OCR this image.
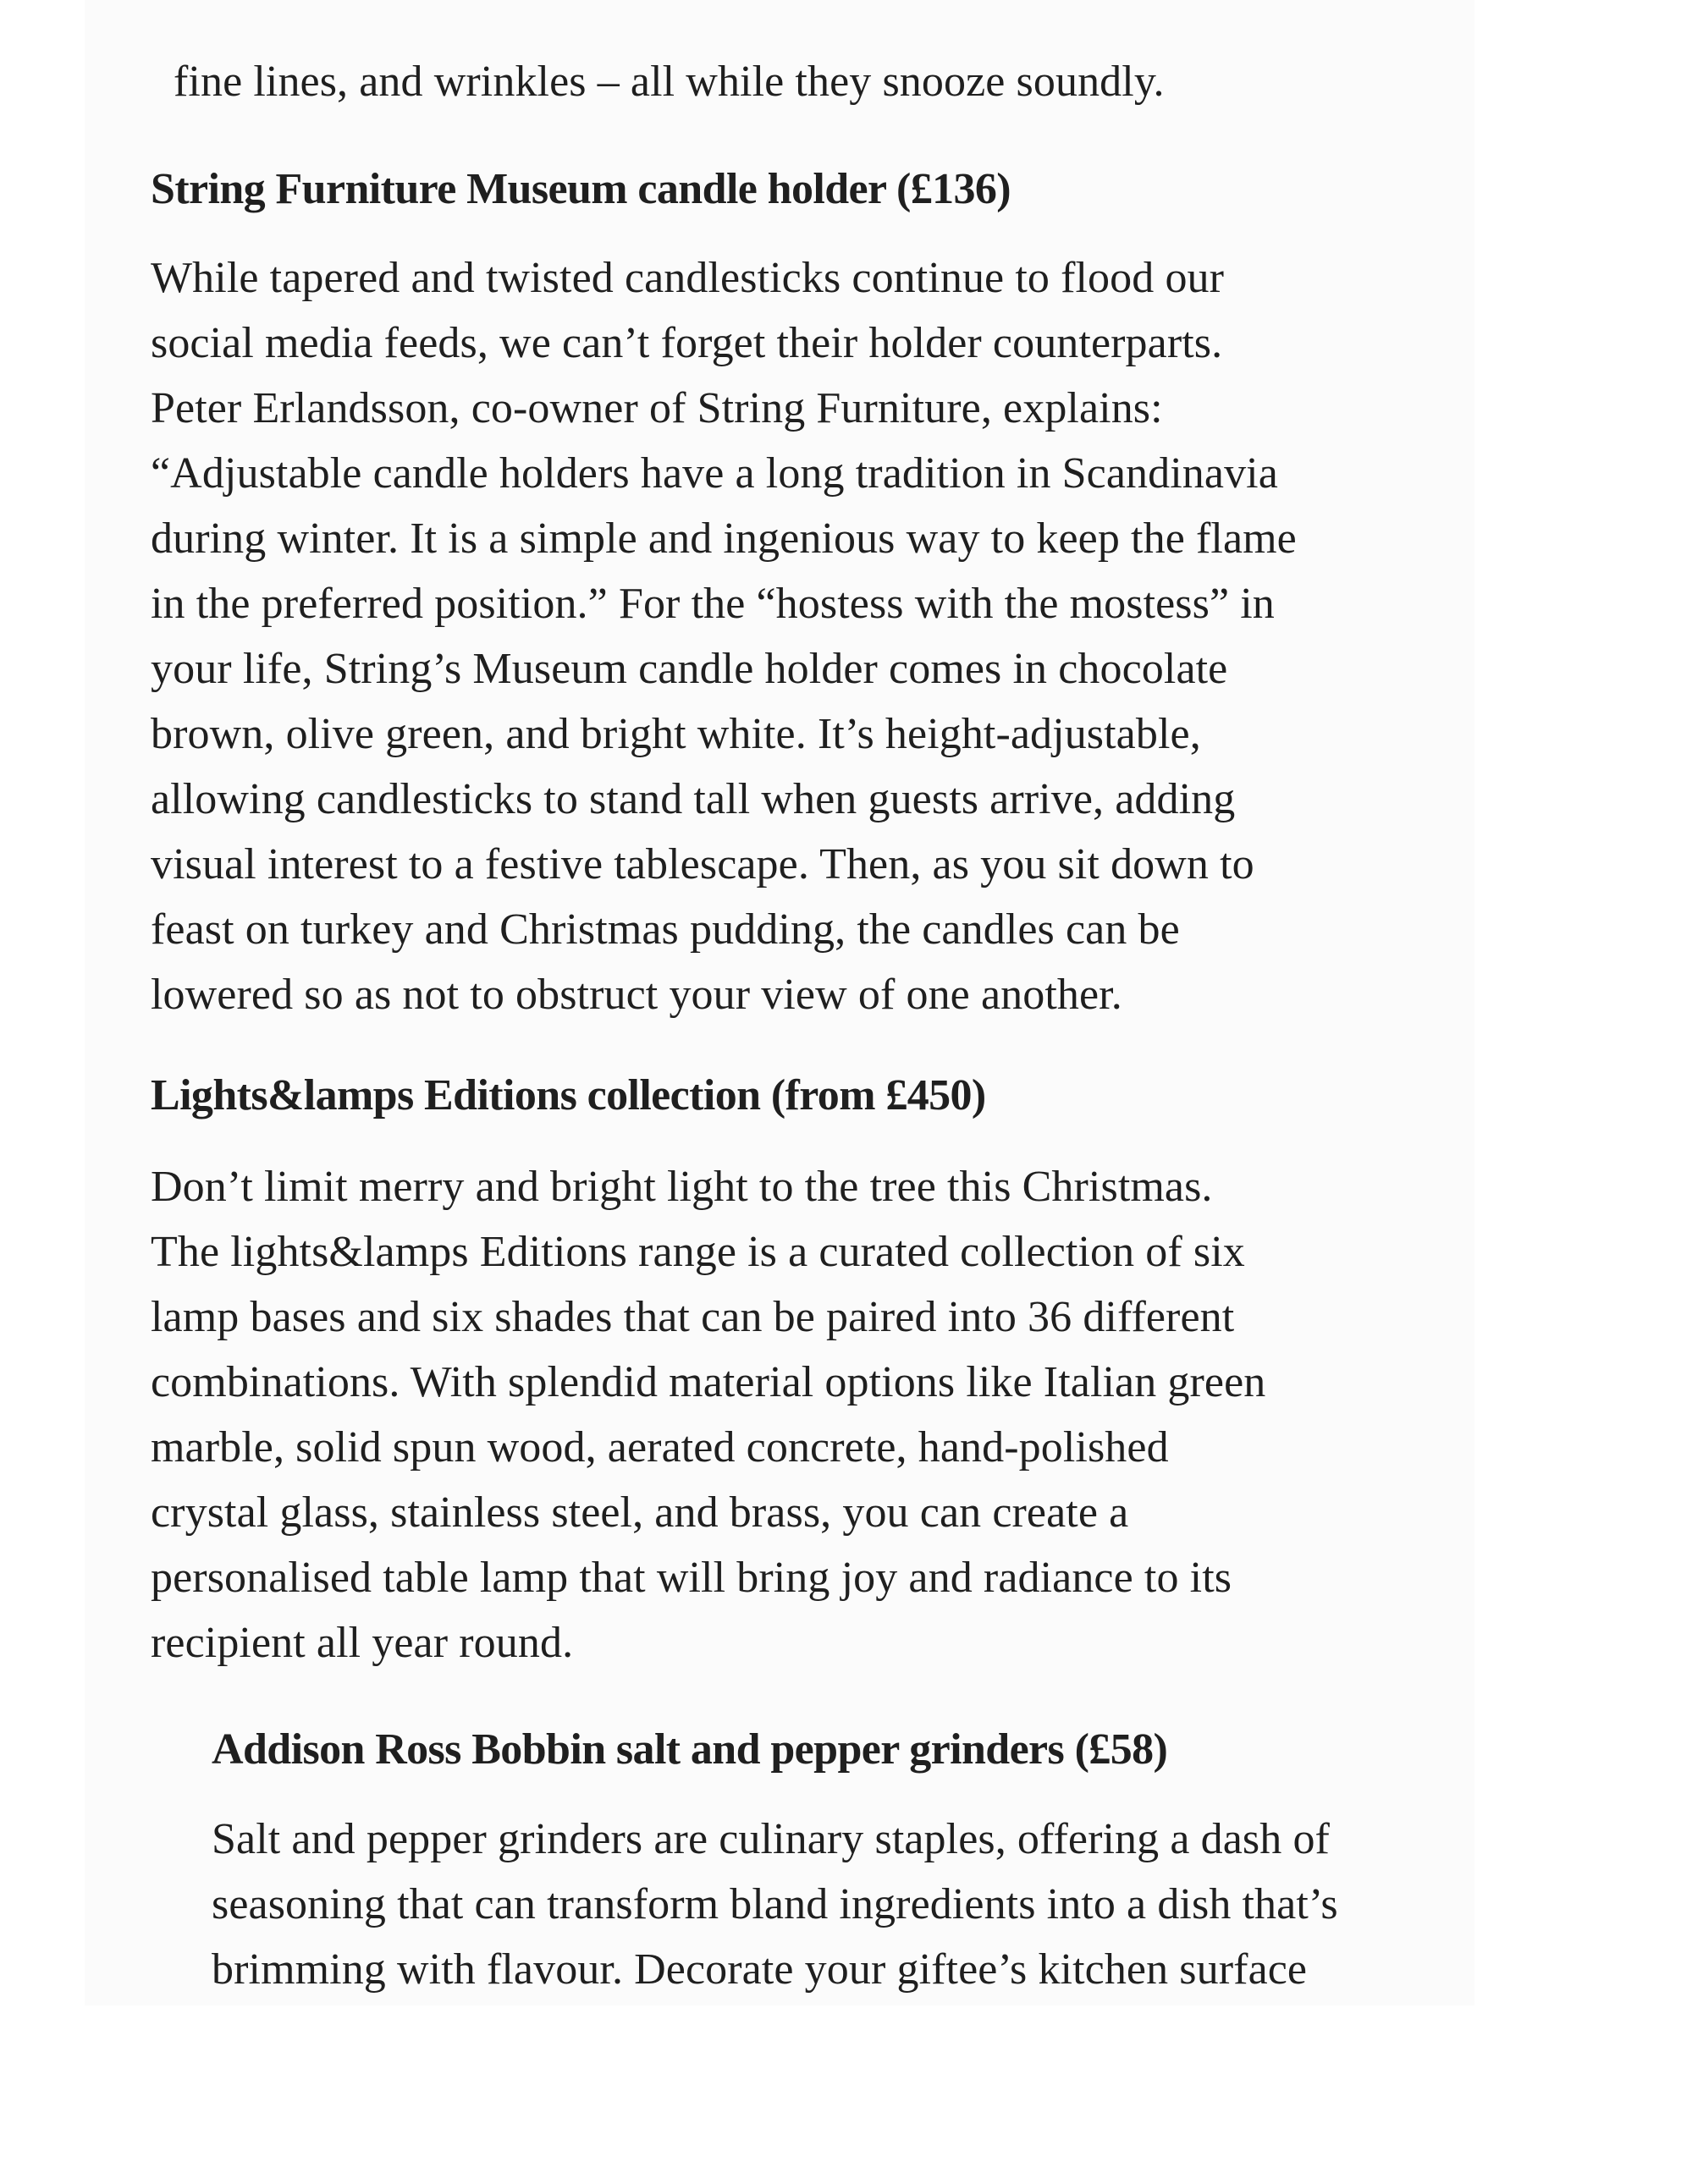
fine lines, and wrinkles – all while they snooze soundly.

String Furniture Museum candle holder (£136)

While tapered and twisted candlesticks continue to flood our
social media feeds, we can’t forget their holder counterparts.
Peter Erlandsson, co-owner of String Furniture, explains:
“Adjustable candle holders have a long tradition in Scandinavia
during winter. It is a simple and ingenious way to keep the flame
in the preferred position.” For the “hostess with the mostess” in
your life, String’s Museum candle holder comes in chocolate
brown, olive green, and bright white. It’s height-adjustable,
allowing candlesticks to stand tall when guests arrive, adding
visual interest to a festive tablescape. Then, as you sit down to
feast on turkey and Christmas pudding, the candles can be
lowered so as not to obstruct your view of one another.

Lights&lamps Editions collection (from £450)

Don’t limit merry and bright light to the tree this Christmas.
The lights&lamps Editions range is a curated collection of six
lamp bases and six shades that can be paired into 36 different
combinations. With splendid material options like Italian green
marble, solid spun wood, aerated concrete, hand-polished
crystal glass, stainless steel, and brass, you can create a
personalised table lamp that will bring joy and radiance to its
recipient all year round.

Addison Ross Bobbin salt and pepper grinders (£58)

Salt and pepper grinders are culinary staples, offering a dash of
seasoning that can transform bland ingredients into a dish that’s
brimming with flavour. Decorate your giftee’s kitchen surface
